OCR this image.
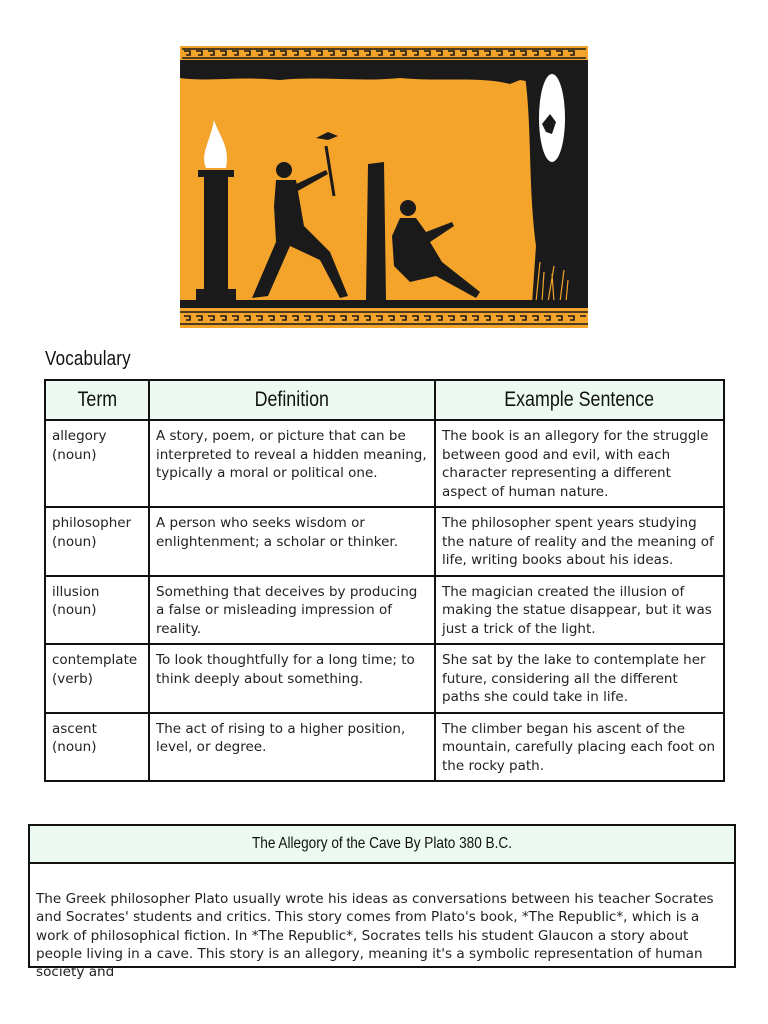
Vocabulary
Term	Definition	Example Sentence
allegory (noun)	A story, poem, or picture that can be interpreted to reveal a hidden meaning, typically a moral or political one.	The book is an allegory for the struggle between good and evil, with each character representing a different aspect of human nature.
philosopher (noun)	A person who seeks wisdom or enlightenment; a scholar or thinker.	The philosopher spent years studying the nature of reality and the meaning of life, writing books about his ideas.
illusion (noun)	Something that deceives by producing a false or misleading impression of reality.	The magician created the illusion of making the statue disappear, but it was just a trick of the light.
contemplate (verb)	To look thoughtfully for a long time; to think deeply about something.	She sat by the lake to contemplate her future, considering all the different paths she could take in life.
ascent (noun)	The act of rising to a higher position, level, or degree.	The climber began his ascent of the mountain, carefully placing each foot on the rocky path.
The Allegory of the Cave By Plato 380 B.C.
The Greek philosopher Plato usually wrote his ideas as conversations between his teacher Socrates and Socrates' students and critics. This story comes from Plato's book, *The Republic*, which is a work of philosophical fiction. In *The Republic*, Socrates tells his student Glaucon a story about people living in a cave. This story is an allegory, meaning it's a symbolic representation of human society and
